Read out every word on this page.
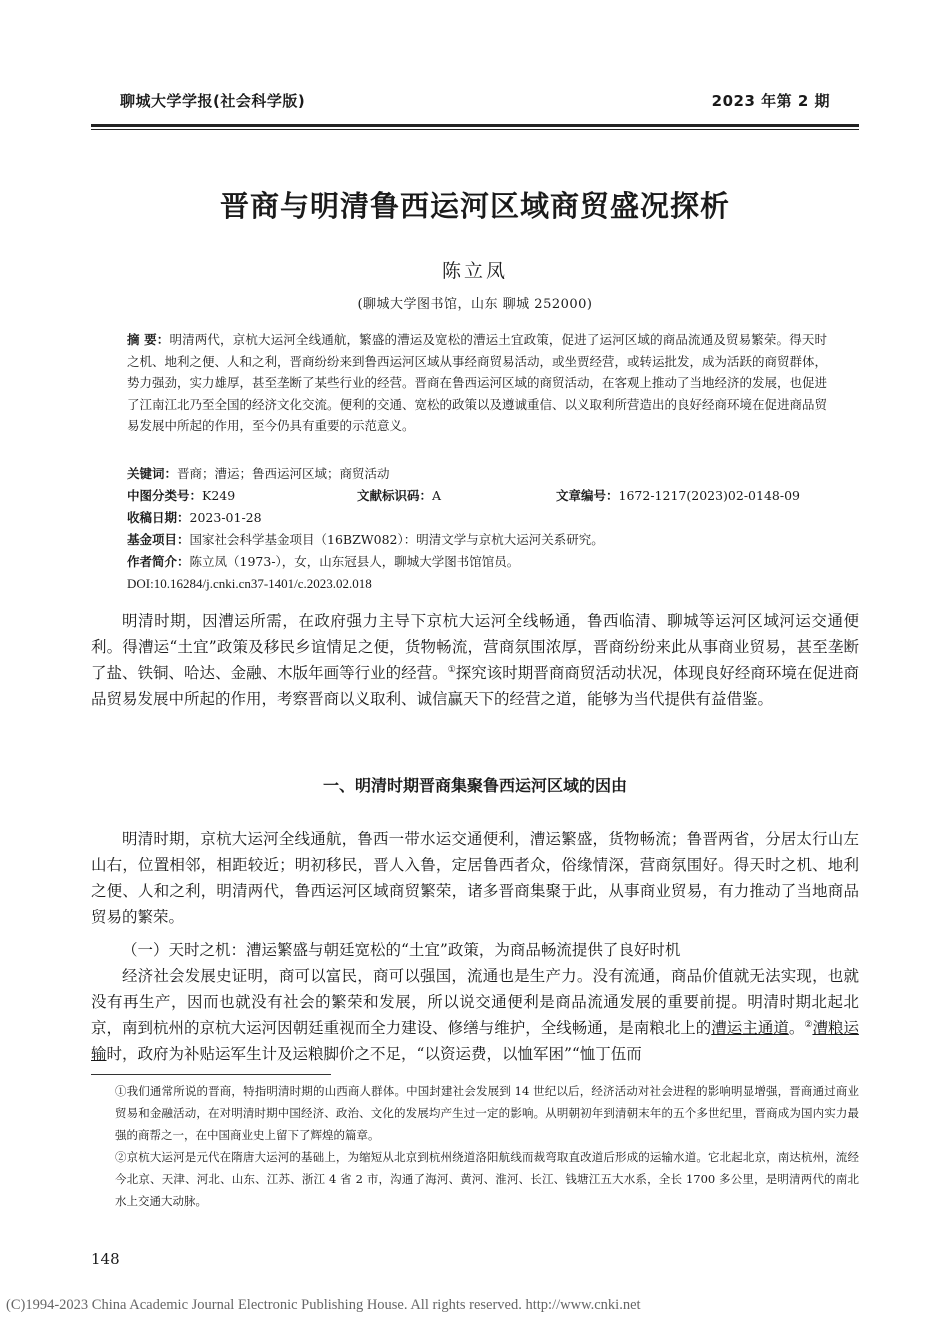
聊城大学学报(社会科学版)	2023 年第 2 期
晋商与明清鲁西运河区域商贸盛况探析
陈立凤
(聊城大学图书馆，山东 聊城 252000)
摘 要：明清两代，京杭大运河全线通航，繁盛的漕运及宽松的漕运土宜政策，促进了运河区域的商品流通及贸易繁荣。得天时之机、地利之便、人和之利，晋商纷纷来到鲁西运河区域从事经商贸易活动，或坐贾经营，或转运批发，成为活跃的商贸群体，势力强劲，实力雄厚，甚至垄断了某些行业的经营。晋商在鲁西运河区域的商贸活动，在客观上推动了当地经济的发展，也促进了江南江北乃至全国的经济文化交流。便利的交通、宽松的政策以及遵诚重信、以义取利所营造出的良好经商环境在促进商品贸易发展中所起的作用，至今仍具有重要的示范意义。
关键词：晋商；漕运；鲁西运河区域；商贸活动
中图分类号：K249	文献标识码：A	文章编号：1672-1217(2023)02-0148-09
收稿日期：2023-01-28
基金项目：国家社会科学基金项目（16BZW082）：明清文学与京杭大运河关系研究。
作者简介：陈立凤（1973-），女，山东冠县人，聊城大学图书馆馆员。
DOI:10.16284/j.cnki.cn37-1401/c.2023.02.018
明清时期，因漕运所需，在政府强力主导下京杭大运河全线畅通，鲁西临清、聊城等运河区域河运交通便利。得漕运“土宜”政策及移民乡谊情足之便，货物畅流，营商氛围浓厚，晋商纷纷来此从事商业贸易，甚至垄断了盐、铁铜、哈达、金融、木版年画等行业的经营。①探究该时期晋商商贸活动状况，体现良好经商环境在促进商品贸易发展中所起的作用，考察晋商以义取利、诚信赢天下的经营之道，能够为当代提供有益借鉴。
一、明清时期晋商集聚鲁西运河区域的因由
明清时期，京杭大运河全线通航，鲁西一带水运交通便利，漕运繁盛，货物畅流；鲁晋两省，分居太行山左山右，位置相邻，相距较近；明初移民，晋人入鲁，定居鲁西者众，俗缘情深，营商氛围好。得天时之机、地利之便、人和之利，明清两代，鲁西运河区域商贸繁荣，诸多晋商集聚于此，从事商业贸易，有力推动了当地商品贸易的繁荣。
（一）天时之机：漕运繁盛与朝廷宽松的“土宜”政策，为商品畅流提供了良好时机
经济社会发展史证明，商可以富民，商可以强国，流通也是生产力。没有流通，商品价值就无法实现，也就没有再生产，因而也就没有社会的繁荣和发展，所以说交通便利是商品流通发展的重要前提。明清时期北起北京，南到杭州的京杭大运河因朝廷重视而全力建设、修缮与维护，全线畅通，是南粮北上的漕运主通道。②漕粮运输时，政府为补贴运军生计及运粮脚价之不足，“以资运费，以恤军困”“恤丁伍而
①我们通常所说的晋商，特指明清时期的山西商人群体。中国封建社会发展到 14 世纪以后，经济活动对社会进程的影响明显增强，晋商通过商业贸易和金融活动，在对明清时期中国经济、政治、文化的发展均产生过一定的影响。从明朝初年到清朝末年的五个多世纪里，晋商成为国内实力最强的商帮之一，在中国商业史上留下了辉煌的篇章。
②京杭大运河是元代在隋唐大运河的基础上，为缩短从北京到杭州绕道洛阳航线而裁弯取直改道后形成的运输水道。它北起北京，南达杭州，流经今北京、天津、河北、山东、江苏、浙江 4 省 2 市，沟通了海河、黄河、淮河、长江、钱塘江五大水系，全长 1700 多公里，是明清两代的南北水上交通大动脉。
148
(C)1994-2023 China Academic Journal Electronic Publishing House. All rights reserved. http://www.cnki.net
